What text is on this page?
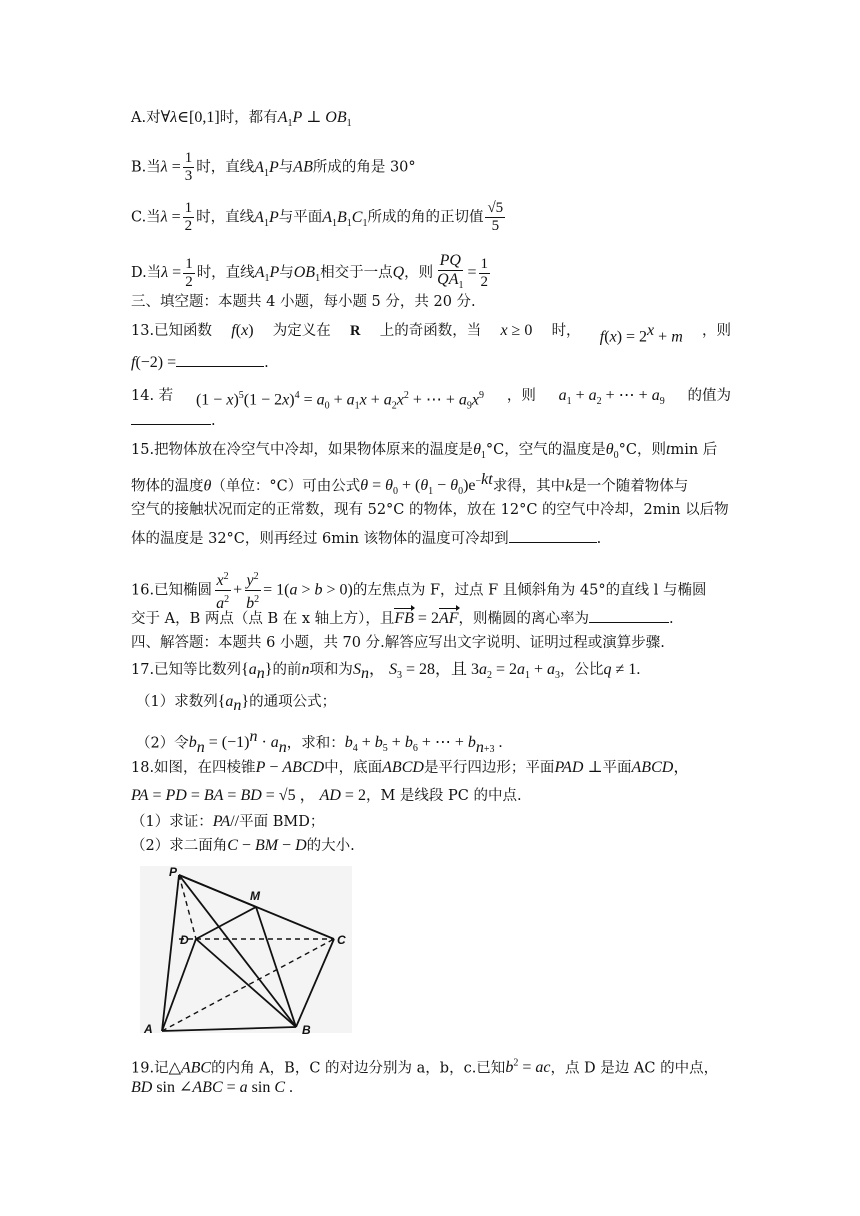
A.对∀λ∈[0,1]时，都有$A_1P$ ⊥ $OB_1$
B.当$\lambda = \frac{1}{3}$ 时，直线$A_1P$与AB所成的角是 30°
C.当$\lambda = \frac{1}{2}$ 时，直线$A_1P$与平面$A_1B_1C_1$所成的角的正切值 $\frac{√5}{5}$
D.当$\lambda = \frac{1}{2}$ 时，直线$A_1P$与$OB_1$相交于一点Q，则 $\frac{PQ}{QA_1} = \frac{1}{2}$
三、填空题：本题共 4 小题，每小题 5 分，共 20 分.
13.已知函数 f(x) 为定义在 R 上的奇函数，当 x ≥ 0 时， $f(x) = 2^x + m$ ，则
f(−2) =	.
14. 若 $(1 - x)^5(1 - 2x)^4 = a_0 + a_1x + a_2x^2$ + ⋯ + $a_9x^9$ ，则 $a_1 + a_2$ + ⋯ + $a_9$ 的值为
.
15.把物体放在冷空气中冷却，如果物体原来的温度是$\theta_1^\circ C$，空气的温度是$\theta_0^\circ C$，则tmin 后
物体的温度θ（单位：°C）可由公式$\theta = \theta_0 + (\theta_1 - \theta_0)e^{-kt}$求得，其中k是一个随着物体与
空气的接触状况而定的正常数，现有 52°C 的物体，放在 12°C 的空气中冷却，2min 以后物
体的温度是 32°C，则再经过 6min 该物体的温度可冷却到	.
16.已知椭圆 $\frac{x^2}{a^2} + \frac{y^2}{b^2} = 1(a > b > 0)$的左焦点为 F，过点 F 且倾斜角为 45°的直线 l 与椭圆
交于 A，B 两点（点 B 在 x 轴上方），且FB = 2AF，则椭圆的离心率为	.
四、解答题：本题共 6 小题，共 70 分.解答应写出文字说明、证明过程或演算步骤.
17.已知等比数列$\{a_n\}$的前n项和为$S_n$， $S_3 = 28$，且 $3a_2 = 2a_1 + a_3$，公比q ≠ 1.
（1）求数列$\{a_n\}$的通项公式；
（2）令$b_n = (-1)^n \cdot a_n$，求和：$b_4 + b_5 + b_6$ + ⋯ + $b_{n+3}$ .
18.如图，在四棱锥P − ABCD中，底面ABCD是平行四边形；平面PAD ⊥平面ABCD，
PA = PD = BA = BD = √5 ， AD = 2，M 是线段 PC 的中点.
（1）求证：PA//平面 BMD；
（2）求二面角C − BM − D的大小.
P
M
D	C
A	B
19.记△ABC的内角 A，B，C 的对边分别为 a，b，c.已知$b^2$ = ac，点 D 是边 AC 的中点，
BD sin ∠ABC = a sin C .
